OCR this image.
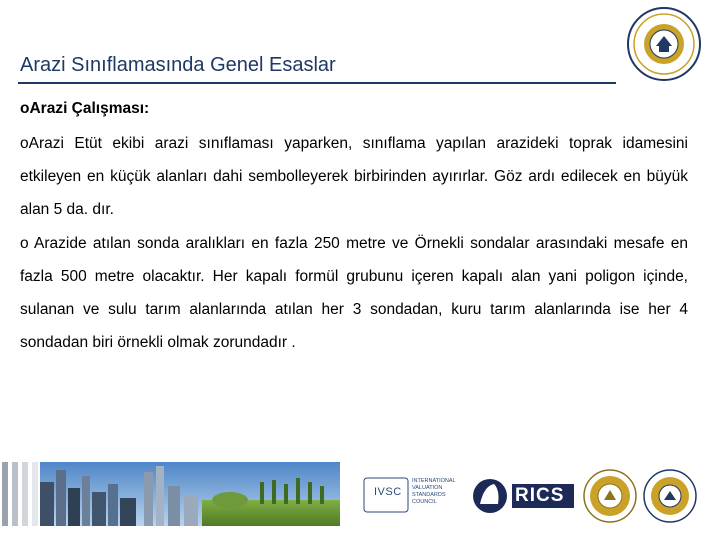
Arazi Sınıflamasında Genel Esaslar

oArazi Çalışması:

oArazi Etüt ekibi arazi sınıflaması yaparken, sınıflama yapılan arazideki toprak idamesini etkileyen en küçük alanları dahi sembolleyerek birbirinden ayırırlar. Göz ardı edilecek en büyük alan 5 da. dır.

o Arazide atılan sonda aralıkları en fazla 250 metre ve Örnekli sondalar arasındaki mesafe en fazla 500 metre olacaktır. Her kapalı formül grubunu içeren kapalı alan yani poligon içinde, sulanan ve sulu tarım alanlarında atılan her 3 sondadan, kuru tarım alanlarında ise her 4 sondadan biri örnekli olmak zorundadır .

IVSC
INTERNATIONAL VALUATION STANDARDS COUNCIL	RICS
